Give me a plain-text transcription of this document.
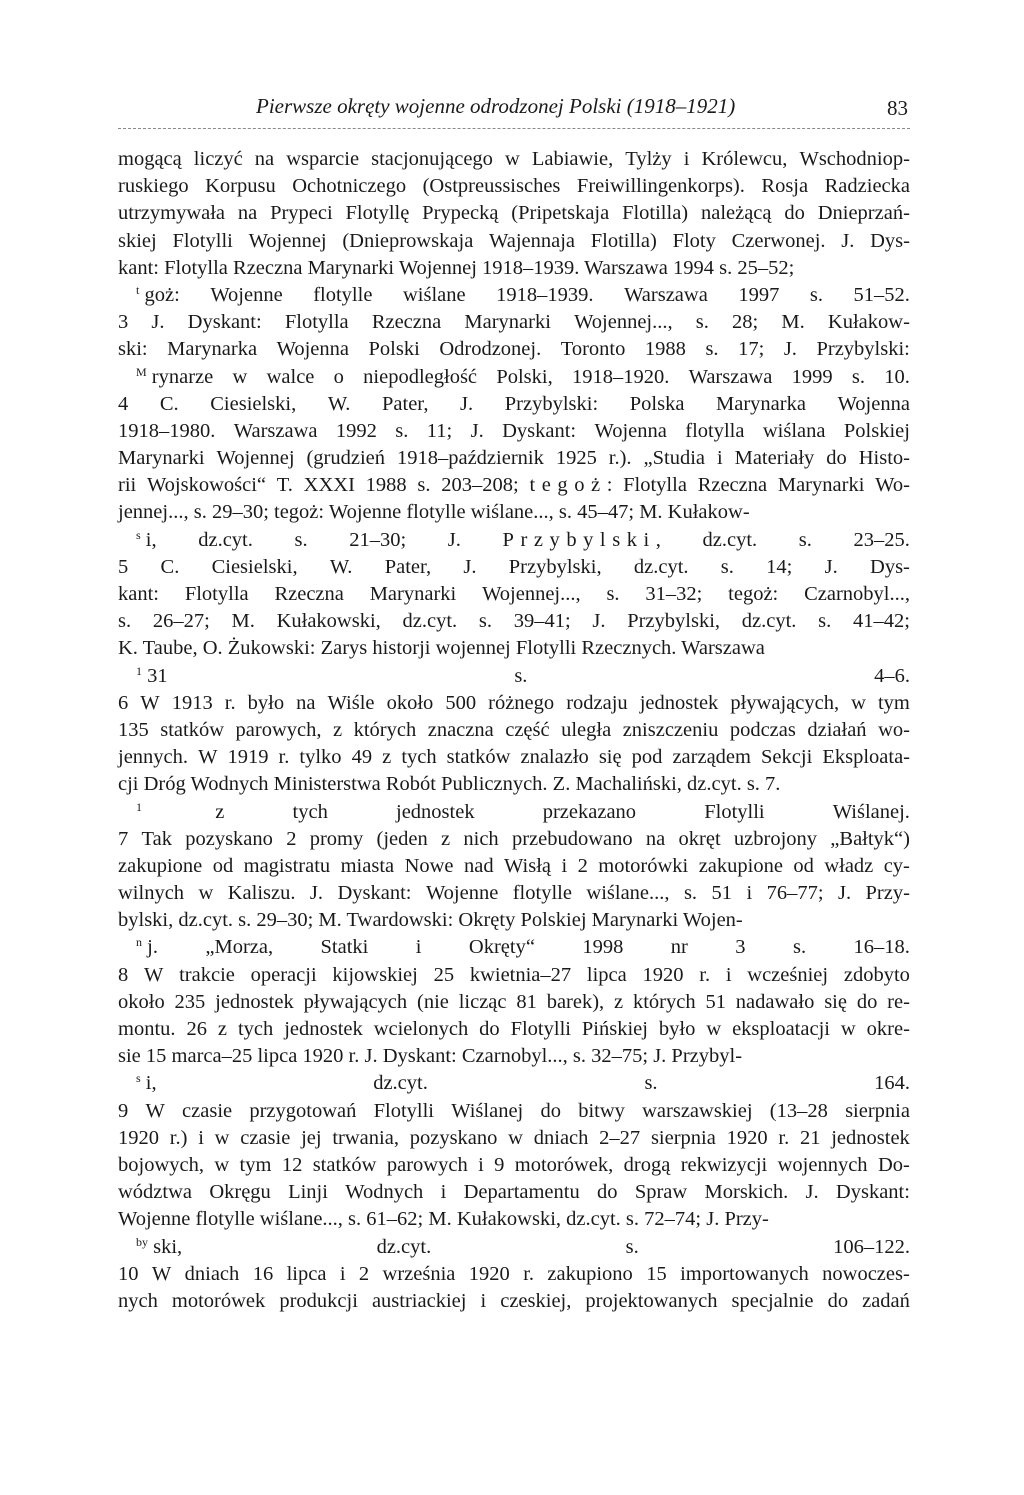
Pierwsze okręty wojenne odrodzonej Polski (1918–1921)	83
mogącą liczyć na wsparcie stacjonującego w Labiawie, Tylży i Królewcu, Wschodniop-
ruskiego Korpusu Ochotniczego (Ostpreussisches Freiwillingenkorps). Rosja Radziecka
utrzymywała na Prypeci Flotyllę Prypecką (Pripetskaja Flotilla) należącą do Dnieprzań-
skiej Flotylli Wojennej (Dnieprowskaja Wajennaja Flotilla) Floty Czerwonej. J. Dys-
kant: Flotylla Rzeczna Marynarki Wojennej 1918–1939. Warszawa 1994 s. 25–52;
$^t$ goż: Wojenne flotylle wiślane 1918–1939. Warszawa 1997 s. 51–52.
3 J. Dyskant: Flotylla Rzeczna Marynarki Wojennej..., s. 28; M. Kułakow-
ski: Marynarka Wojenna Polski Odrodzonej. Toronto 1988 s. 17; J. Przybylski:
$^M$ rynarze w walce o niepodległość Polski, 1918–1920. Warszawa 1999 s. 10.
4 C. Ciesielski, W. Pater, J. Przybylski: Polska Marynarka Wojenna
1918–1980. Warszawa 1992 s. 11; J. Dyskant: Wojenna flotylla wiślana Polskiej
Marynarki Wojennej (grudzień 1918–październik 1925 r.). „Studia i Materiały do Histo-
rii Wojskowości“ T. XXXI 1988 s. 203–208; tegoż: Flotylla Rzeczna Marynarki Wo-
jennej..., s. 29–30; tegoż: Wojenne flotylle wiślane..., s. 45–47; M. Kułakow-
$^s$ i, dz.cyt. s. 21–30; J. Przybylski, dz.cyt. s. 23–25.
5 C. Ciesielski, W. Pater, J. Przybylski, dz.cyt. s. 14; J. Dys-
kant: Flotylla Rzeczna Marynarki Wojennej..., s. 31–32; tegoż: Czarnobyl...,
s. 26–27; M. Kułakowski, dz.cyt. s. 39–41; J. Przybylski, dz.cyt. s. 41–42;
K. Taube, O. Żukowski: Zarys historji wojennej Flotylli Rzecznych. Warszawa
$^1$ 31	s.	4–6.
6 W 1913 r. było na Wiśle około 500 różnego rodzaju jednostek pływających, w tym
135 statków parowych, z których znaczna część uległa zniszczeniu podczas działań wo-
jennych. W 1919 r. tylko 49 z tych statków znalazło się pod zarządem Sekcji Eksploata-
cji Dróg Wodnych Ministerstwa Robót Publicznych. Z. Machaliński, dz.cyt. s. 7.
$^1$	z	tych	jednostek	przekazano	Flotylli	Wiślanej.
7 Tak pozyskano 2 promy (jeden z nich przebudowano na okręt uzbrojony „Bałtyk“)
zakupione od magistratu miasta Nowe nad Wisłą i 2 motorówki zakupione od władz cy-
wilnych w Kaliszu. J. Dyskant: Wojenne flotylle wiślane..., s. 51 i 76–77; J. Przy-
bylski, dz.cyt. s. 29–30; M. Twardowski: Okręty Polskiej Marynarki Wojen-
$^n$ j. „Morza, Statki i Okręty“ 1998 nr 3 s. 16–18.
8 W trakcie operacji kijowskiej 25 kwietnia–27 lipca 1920 r. i wcześniej zdobyto
około 235 jednostek pływających (nie licząc 81 barek), z których 51 nadawało się do re-
montu. 26 z tych jednostek wcielonych do Flotylli Pińskiej było w eksploatacji w okre-
sie 15 marca–25 lipca 1920 r. J. Dyskant: Czarnobyl..., s. 32–75; J. Przybyl-
$^s$ i,	dz.cyt.	s.	164.
9 W czasie przygotowań Flotylli Wiślanej do bitwy warszawskiej (13–28 sierpnia
1920 r.) i w czasie jej trwania, pozyskano w dniach 2–27 sierpnia 1920 r. 21 jednostek
bojowych, w tym 12 statków parowych i 9 motorówek, drogą rekwizycji wojennych Do-
wództwa Okręgu Linji Wodnych i Departamentu do Spraw Morskich. J. Dyskant:
Wojenne flotylle wiślane..., s. 61–62; M. Kułakowski, dz.cyt. s. 72–74; J. Przy-
$^{by}$ ski,	dz.cyt.	s.	106–122.
10 W dniach 16 lipca i 2 września 1920 r. zakupiono 15 importowanych nowoczes-
nych motorówek produkcji austriackiej i czeskiej, projektowanych specjalnie do zadań
